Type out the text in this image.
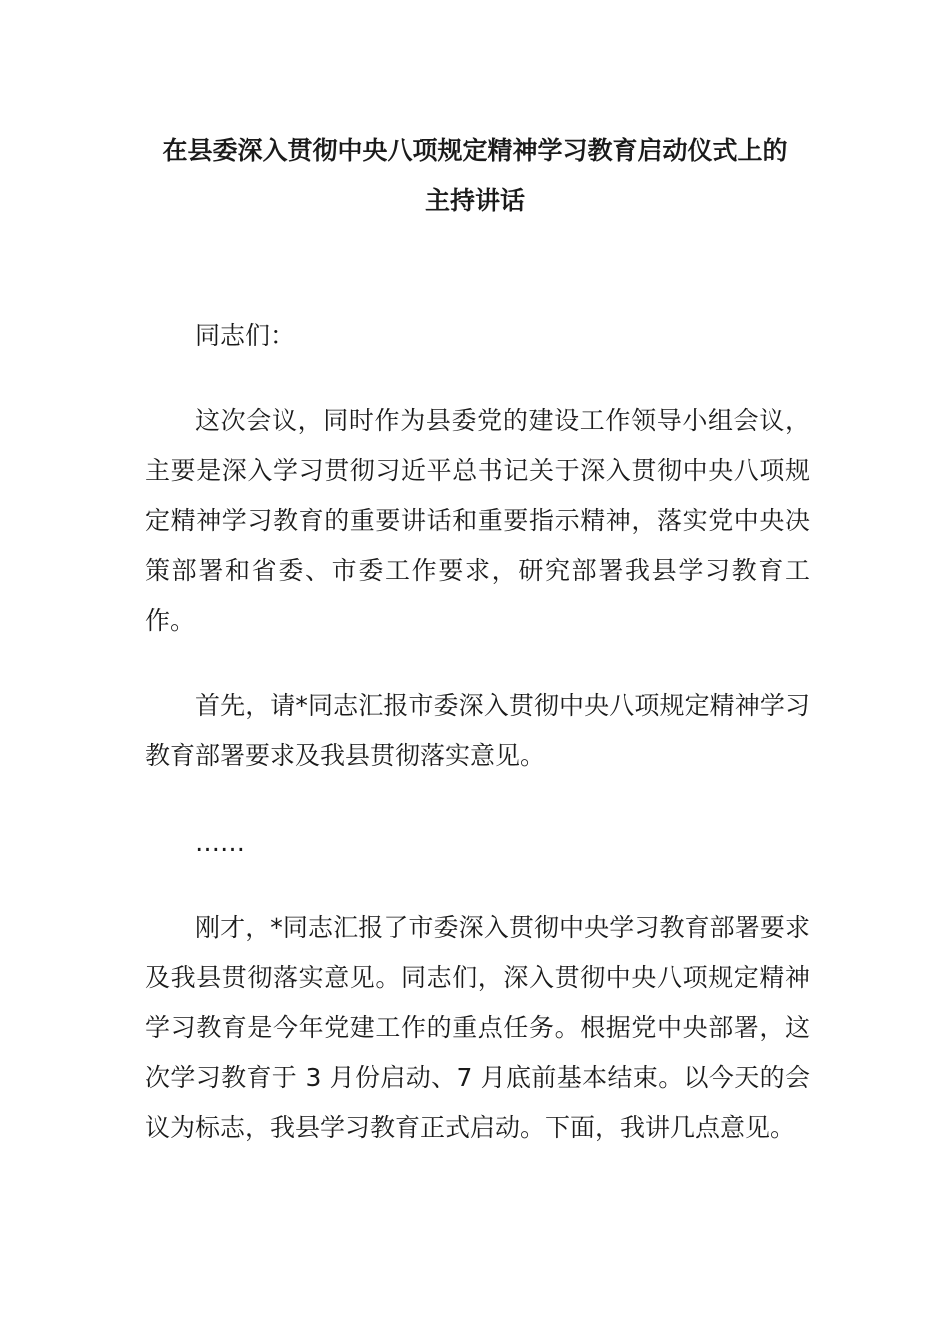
在县委深入贯彻中央八项规定精神学习教育启动仪式上的
主持讲话

同志们：

这次会议，同时作为县委党的建设工作领导小组会议，主要是深入学习贯彻习近平总书记关于深入贯彻中央八项规定精神学习教育的重要讲话和重要指示精神，落实党中央决策部署和省委、市委工作要求，研究部署我县学习教育工作。

首先，请*同志汇报市委深入贯彻中央八项规定精神学习教育部署要求及我县贯彻落实意见。

……

刚才，*同志汇报了市委深入贯彻中央学习教育部署要求及我县贯彻落实意见。同志们，深入贯彻中央八项规定精神学习教育是今年党建工作的重点任务。根据党中央部署，这次学习教育于 3 月份启动、7 月底前基本结束。以今天的会议为标志，我县学习教育正式启动。下面，我讲几点意见。
